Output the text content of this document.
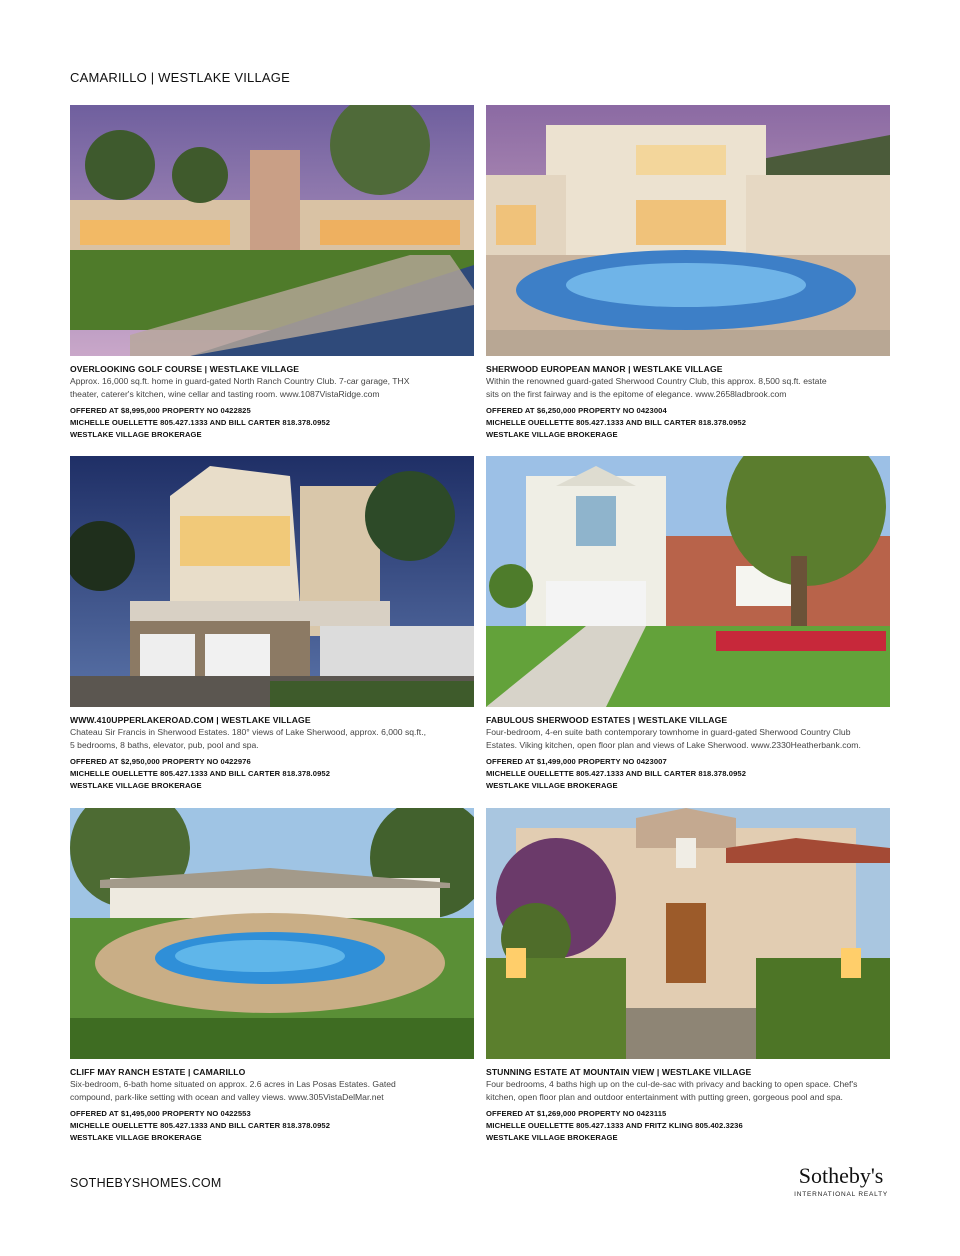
CAMARILLO | WESTLAKE VILLAGE
OVERLOOKING GOLF COURSE | WESTLAKE VILLAGE
Approx. 16,000 sq.ft. home in guard-gated North Ranch Country Club. 7-car garage, THX
theater, caterer's kitchen, wine cellar and tasting room. www.1087VistaRidge.com
OFFERED AT $8,995,000 PROPERTY NO 0422825
MICHELLE OUELLETTE 805.427.1333 AND BILL CARTER 818.378.0952
WESTLAKE VILLAGE BROKERAGE
SHERWOOD EUROPEAN MANOR | WESTLAKE VILLAGE
Within the renowned guard-gated Sherwood Country Club, this approx. 8,500 sq.ft. estate
sits on the first fairway and is the epitome of elegance. www.2658ladbrook.com
OFFERED AT $6,250,000 PROPERTY NO 0423004
MICHELLE OUELLETTE 805.427.1333 AND BILL CARTER 818.378.0952
WESTLAKE VILLAGE BROKERAGE
WWW.410UPPERLAKEROAD.COM | WESTLAKE VILLAGE
Chateau Sir Francis in Sherwood Estates. 180° views of Lake Sherwood, approx. 6,000 sq.ft.,
5 bedrooms, 8 baths, elevator, pub, pool and spa.
OFFERED AT $2,950,000 PROPERTY NO 0422976
MICHELLE OUELLETTE 805.427.1333 AND BILL CARTER 818.378.0952
WESTLAKE VILLAGE BROKERAGE
FABULOUS SHERWOOD ESTATES | WESTLAKE VILLAGE
Four-bedroom, 4-en suite bath contemporary townhome in guard-gated Sherwood Country Club
Estates. Viking kitchen, open floor plan and views of Lake Sherwood. www.2330Heatherbank.com.
OFFERED AT $1,499,000 PROPERTY NO 0423007
MICHELLE OUELLETTE 805.427.1333 AND BILL CARTER 818.378.0952
WESTLAKE VILLAGE BROKERAGE
CLIFF MAY RANCH ESTATE | CAMARILLO
Six-bedroom, 6-bath home situated on approx. 2.6 acres in Las Posas Estates. Gated
compound, park-like setting with ocean and valley views. www.305VistaDelMar.net
OFFERED AT $1,495,000 PROPERTY NO 0422553
MICHELLE OUELLETTE 805.427.1333 AND BILL CARTER 818.378.0952
WESTLAKE VILLAGE BROKERAGE
STUNNING ESTATE AT MOUNTAIN VIEW | WESTLAKE VILLAGE
Four bedrooms, 4 baths high up on the cul-de-sac with privacy and backing to open space. Chef's
kitchen, open floor plan and outdoor entertainment with putting green, gorgeous pool and spa.
OFFERED AT $1,269,000 PROPERTY NO 0423115
MICHELLE OUELLETTE 805.427.1333 AND FRITZ KLING 805.402.3236
WESTLAKE VILLAGE BROKERAGE
SOTHEBYSHOMES.COM	Sotheby's
INTERNATIONAL REALTY
